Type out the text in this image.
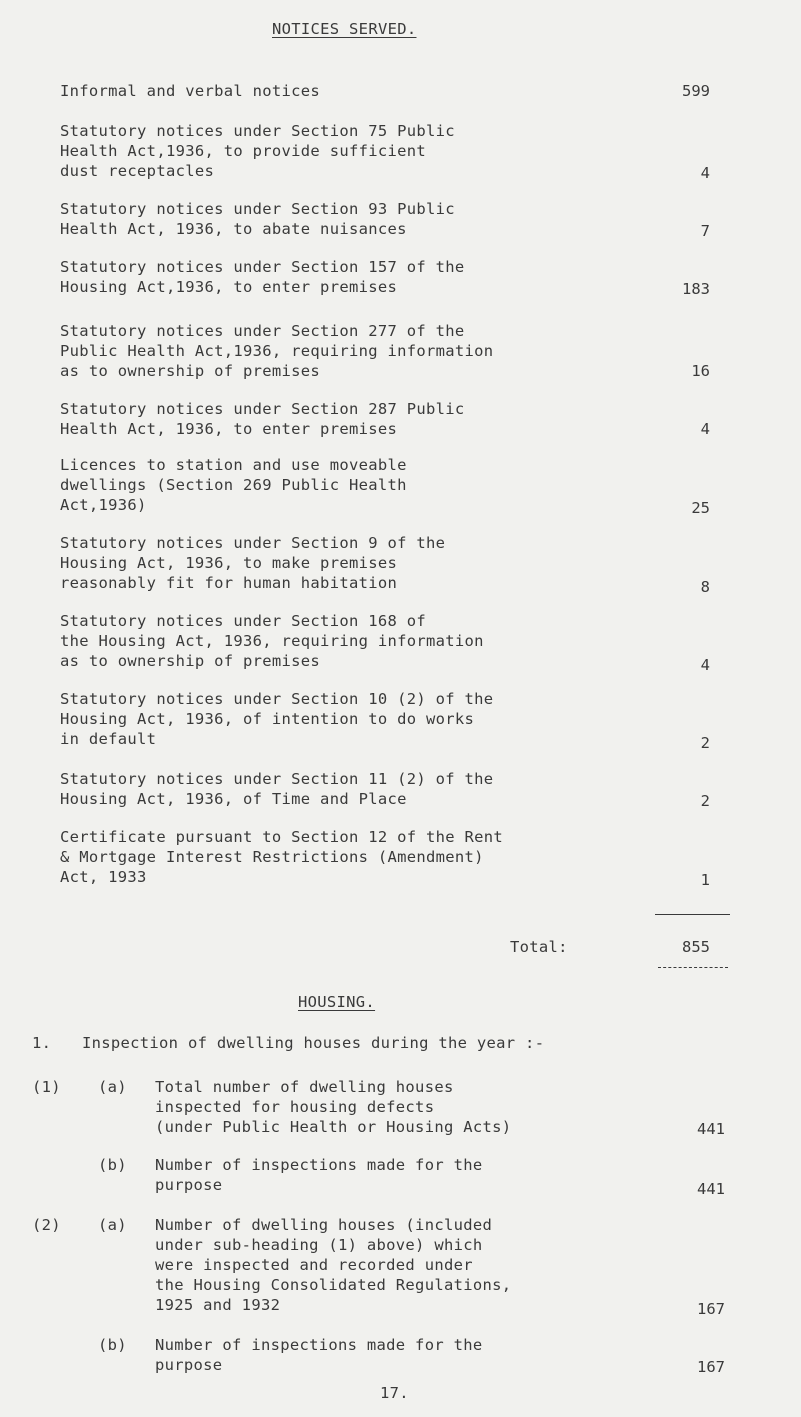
NOTICES SERVED.
Informal and verbal notices	599
Statutory notices under Section 75 Public
Health Act,1936, to provide sufficient
dust receptacles	4
Statutory notices under Section 93 Public
Health Act, 1936, to abate nuisances	7
Statutory notices under Section 157 of the
Housing Act,1936, to enter premises	183
Statutory notices under Section 277 of the
Public Health Act,1936, requiring information
as to ownership of premises	16
Statutory notices under Section 287 Public
Health Act, 1936, to enter premises	4
Licences to station and use moveable
dwellings (Section 269 Public Health
Act,1936)	25
Statutory notices under Section 9 of the
Housing Act, 1936, to make premises
reasonably fit for human habitation	8
Statutory notices under Section 168 of
the Housing Act, 1936, requiring information
as to ownership of premises	4
Statutory notices under Section 10 (2) of the
Housing Act, 1936, of intention to do works
in default	2
Statutory notices under Section 11 (2) of the
Housing Act, 1936, of Time and Place	2
Certificate pursuant to Section 12 of the Rent
& Mortgage Interest Restrictions (Amendment)
Act, 1933	1
Total:	855
HOUSING.
1. Inspection of dwelling houses during the year :-
(1) (a) Total number of dwelling houses
inspected for housing defects
(under Public Health or Housing Acts)	441
(b) Number of inspections made for the
purpose	441
(2) (a) Number of dwelling houses (included
under sub-heading (1) above) which
were inspected and recorded under
the Housing Consolidated Regulations,
1925 and 1932	167
(b) Number of inspections made for the
purpose	167
17.
